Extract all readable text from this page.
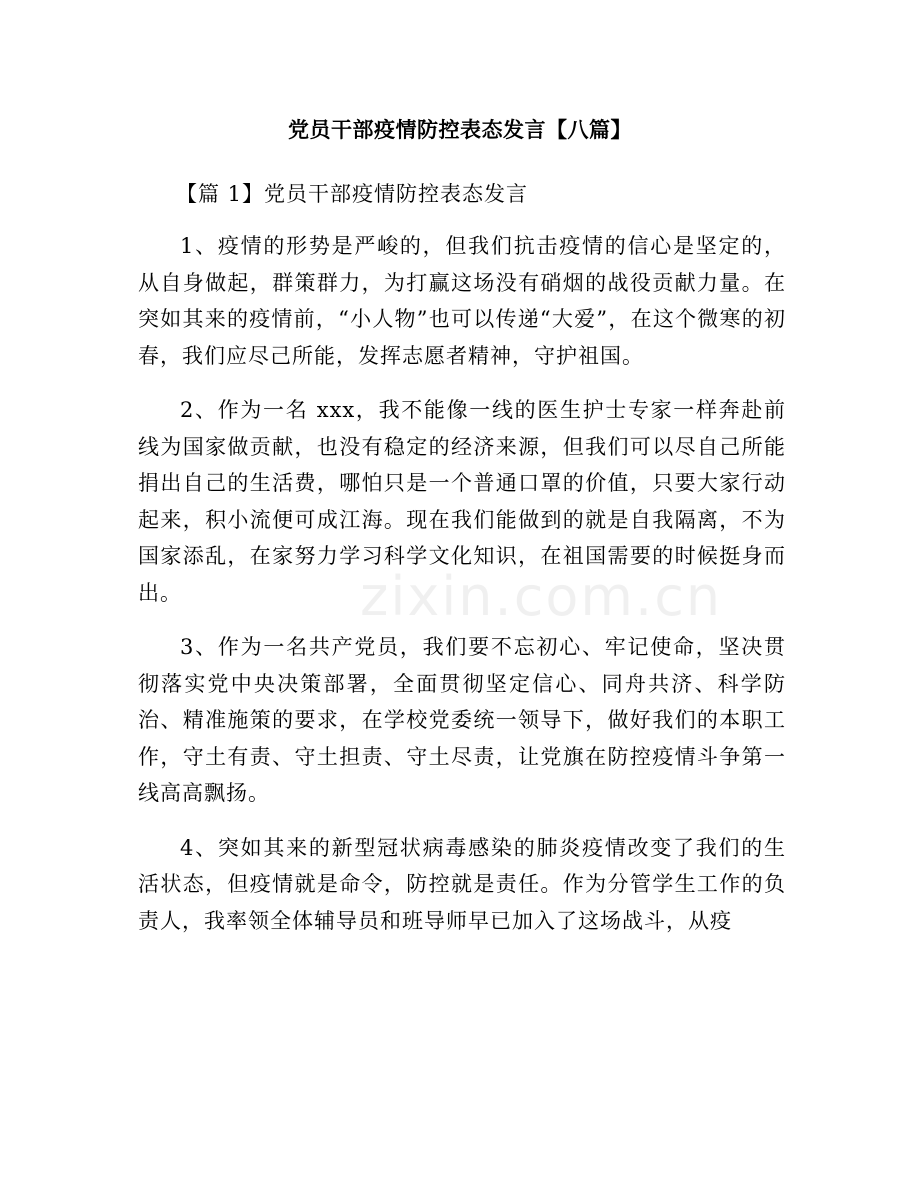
党员干部疫情防控表态发言【八篇】
【篇 1】党员干部疫情防控表态发言

1、疫情的形势是严峻的，但我们抗击疫情的信心是坚定的，从自身做起，群策群力，为打赢这场没有硝烟的战役贡献力量。在突如其来的疫情前，“小人物”也可以传递“大爱”，在这个微寒的初春，我们应尽己所能，发挥志愿者精神，守护祖国。

2、作为一名 xxx，我不能像一线的医生护士专家一样奔赴前线为国家做贡献，也没有稳定的经济来源，但我们可以尽自己所能捐出自己的生活费，哪怕只是一个普通口罩的价值，只要大家行动起来，积小流便可成江海。现在我们能做到的就是自我隔离，不为国家添乱，在家努力学习科学文化知识，在祖国需要的时候挺身而出。

3、作为一名共产党员，我们要不忘初心、牢记使命，坚决贯彻落实党中央决策部署，全面贯彻坚定信心、同舟共济、科学防治、精准施策的要求，在学校党委统一领导下，做好我们的本职工作，守土有责、守土担责、守土尽责，让党旗在防控疫情斗争第一线高高飘扬。

4、突如其来的新型冠状病毒感染的肺炎疫情改变了我们的生活状态，但疫情就是命令，防控就是责任。作为分管学生工作的负责人，我率领全体辅导员和班导师早已加入了这场战斗，从疫

zixin.com.cn
